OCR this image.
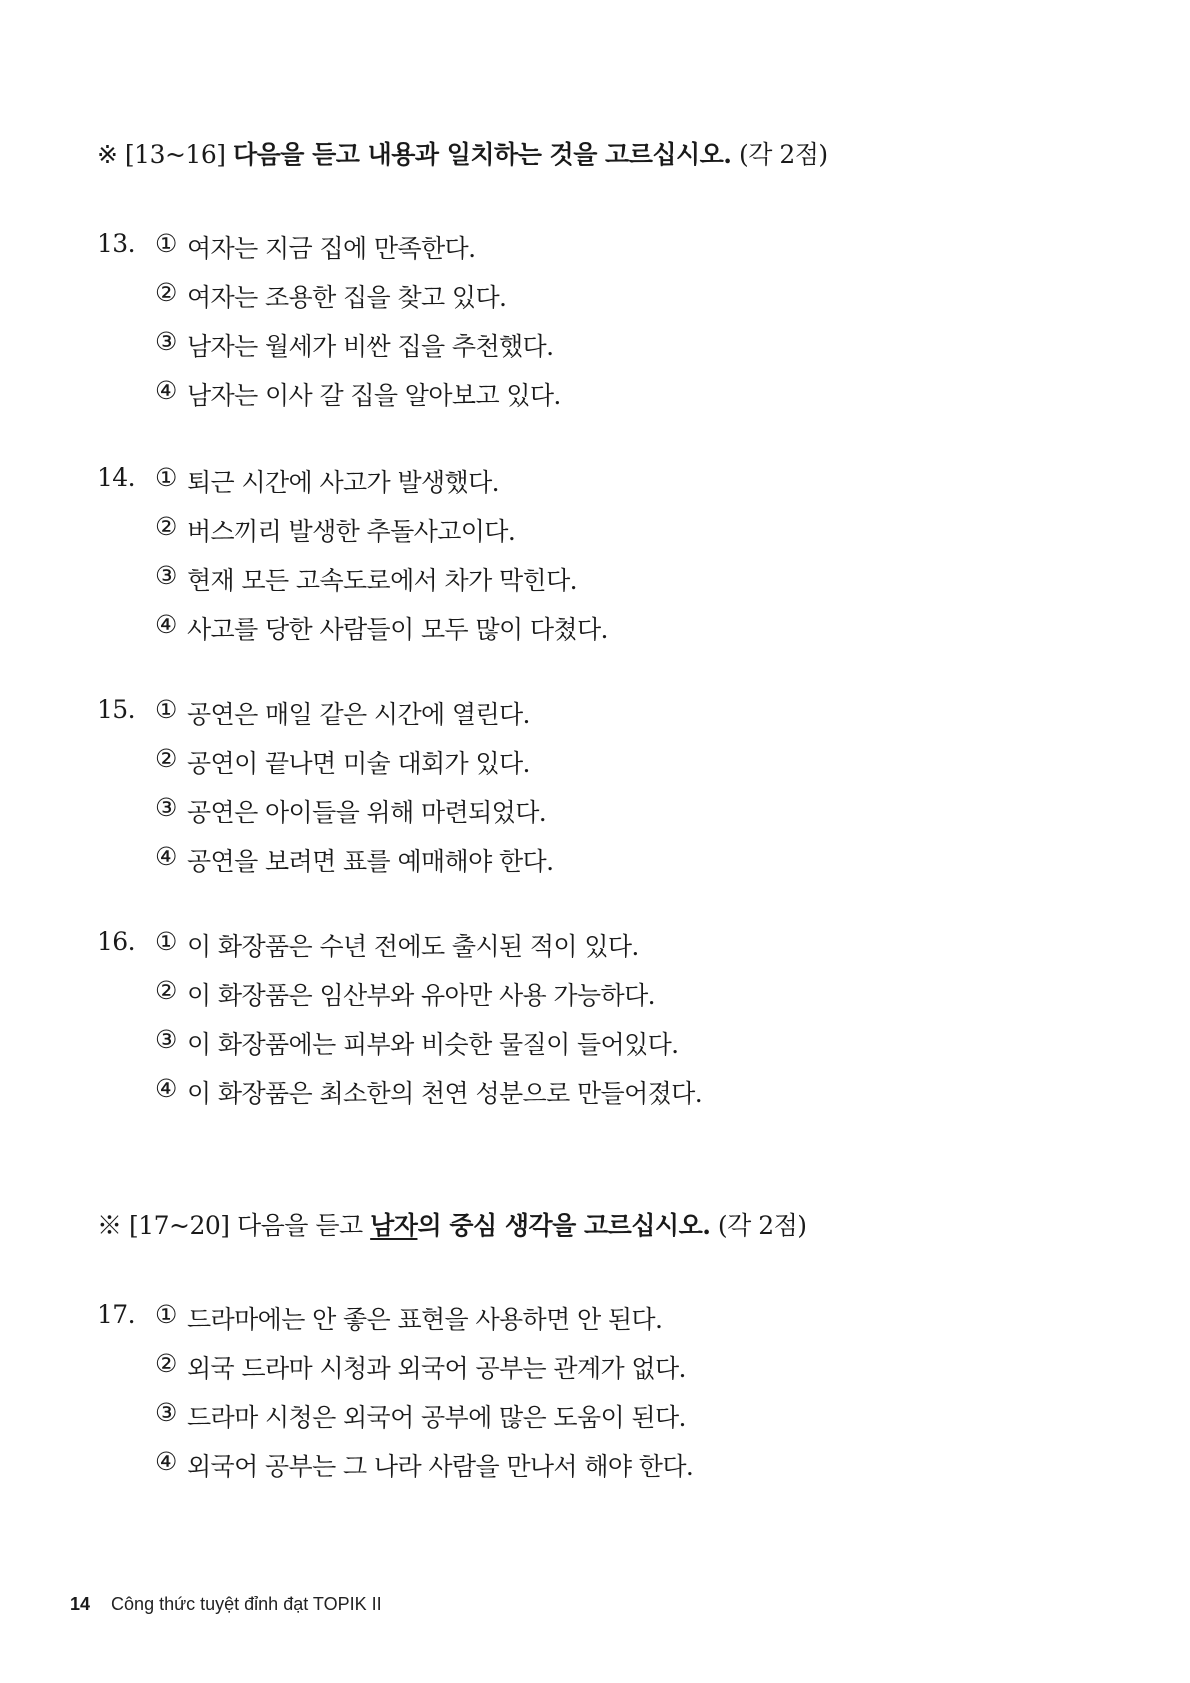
※ [13~16] 다음을 듣고 내용과 일치하는 것을 고르십시오. (각 2점)
13. ① 여자는 지금 집에 만족한다.
② 여자는 조용한 집을 찾고 있다.
③ 남자는 월세가 비싼 집을 추천했다.
④ 남자는 이사 갈 집을 알아보고 있다.
14. ① 퇴근 시간에 사고가 발생했다.
② 버스끼리 발생한 추돌사고이다.
③ 현재 모든 고속도로에서 차가 막힌다.
④ 사고를 당한 사람들이 모두 많이 다쳤다.
15. ① 공연은 매일 같은 시간에 열린다.
② 공연이 끝나면 미술 대회가 있다.
③ 공연은 아이들을 위해 마련되었다.
④ 공연을 보려면 표를 예매해야 한다.
16. ① 이 화장품은 수년 전에도 출시된 적이 있다.
② 이 화장품은 임산부와 유아만 사용 가능하다.
③ 이 화장품에는 피부와 비슷한 물질이 들어있다.
④ 이 화장품은 최소한의 천연 성분으로 만들어졌다.
※ [17~20] 다음을 듣고 남자의 중심 생각을 고르십시오. (각 2점)
17. ① 드라마에는 안 좋은 표현을 사용하면 안 된다.
② 외국 드라마 시청과 외국어 공부는 관계가 없다.
③ 드라마 시청은 외국어 공부에 많은 도움이 된다.
④ 외국어 공부는 그 나라 사람을 만나서 해야 한다.
14 Công thức tuyệt đỉnh đạt TOPIK II
